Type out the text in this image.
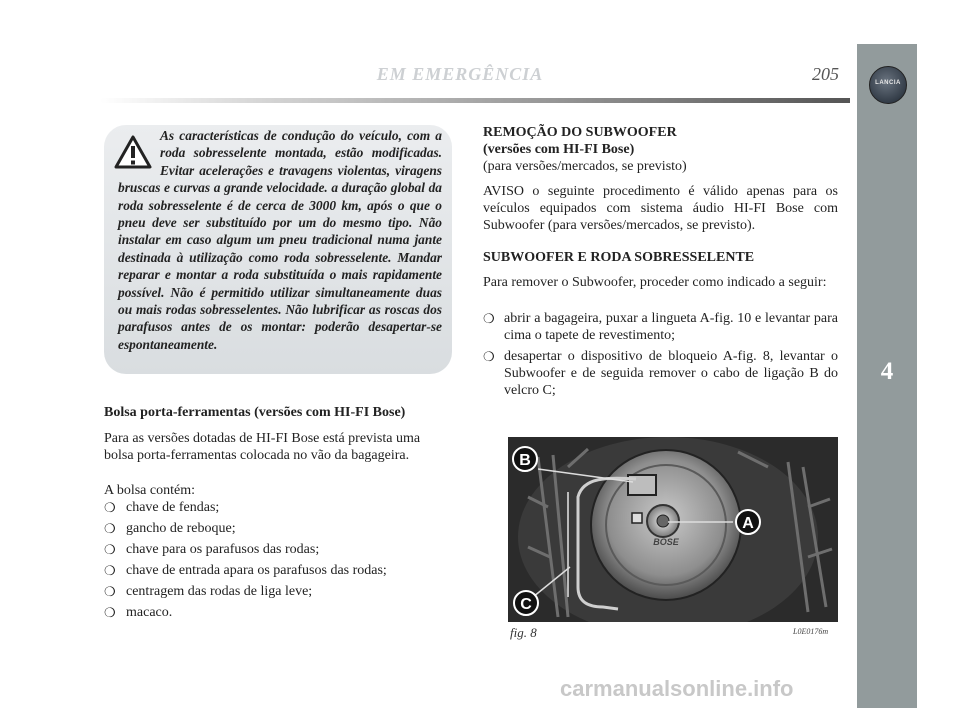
EM EMERGÊNCIA	205	LANCIA
4
As características de condução do veículo, com a roda sobresselente montada, estão modificadas. Evitar acelerações e travagens violentas, viragens bruscas e curvas a grande velocidade. a duração global da roda sobresselente é de cerca de 3000 km, após o que o pneu deve ser substituído por um do mesmo tipo. Não instalar em caso algum um pneu tradicional numa jante destinada à utilização como roda sobresselente. Mandar reparar e montar a roda substituída o mais rapidamente possível. Não é permitido utilizar simultaneamente duas ou mais rodas sobresselentes. Não lubrificar as roscas dos parafusos antes de os montar: poderão desapertar-se espontaneamente.
Bolsa porta-ferramentas (versões com HI-FI Bose)
Para as versões dotadas de HI-FI Bose está prevista uma bolsa porta-ferramentas colocada no vão da bagageira.
A bolsa contém:
❍ chave de fendas;
❍ gancho de reboque;
❍ chave para os parafusos das rodas;
❍ chave de entrada apara os parafusos das rodas;
❍ centragem das rodas de liga leve;
❍ macaco.
REMOÇÃO DO SUBWOOFER
(versões com HI-FI Bose)
(para versões/mercados, se previsto)
AVISO o seguinte procedimento é válido apenas para os veículos equipados com sistema áudio HI-FI Bose com Subwoofer (para versões/mercados, se previsto).
SUBWOOFER E RODA SOBRESSELENTE
Para remover o Subwoofer, proceder como indicado a seguir:
❍ abrir a bagageira, puxar a lingueta A-fig. 10 e levantar para cima o tapete de revestimento;
❍ desapertar o dispositivo de bloqueio A-fig. 8, levantar o Subwoofer e de seguida remover o cabo de ligação B do velcro C;
BOSE
B
A
C
fig. 8	L0E0176m
carmanualsonline.info
